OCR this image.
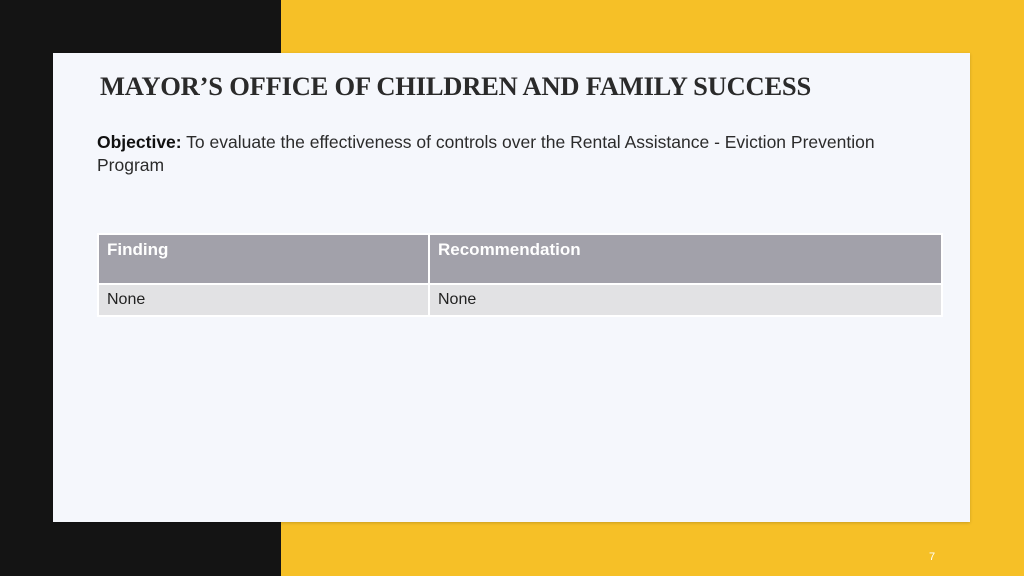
MAYOR’S OFFICE OF CHILDREN AND FAMILY SUCCESS
Objective: To evaluate the effectiveness of controls over the Rental Assistance - Eviction Prevention Program
Finding	Recommendation
None	None
7
